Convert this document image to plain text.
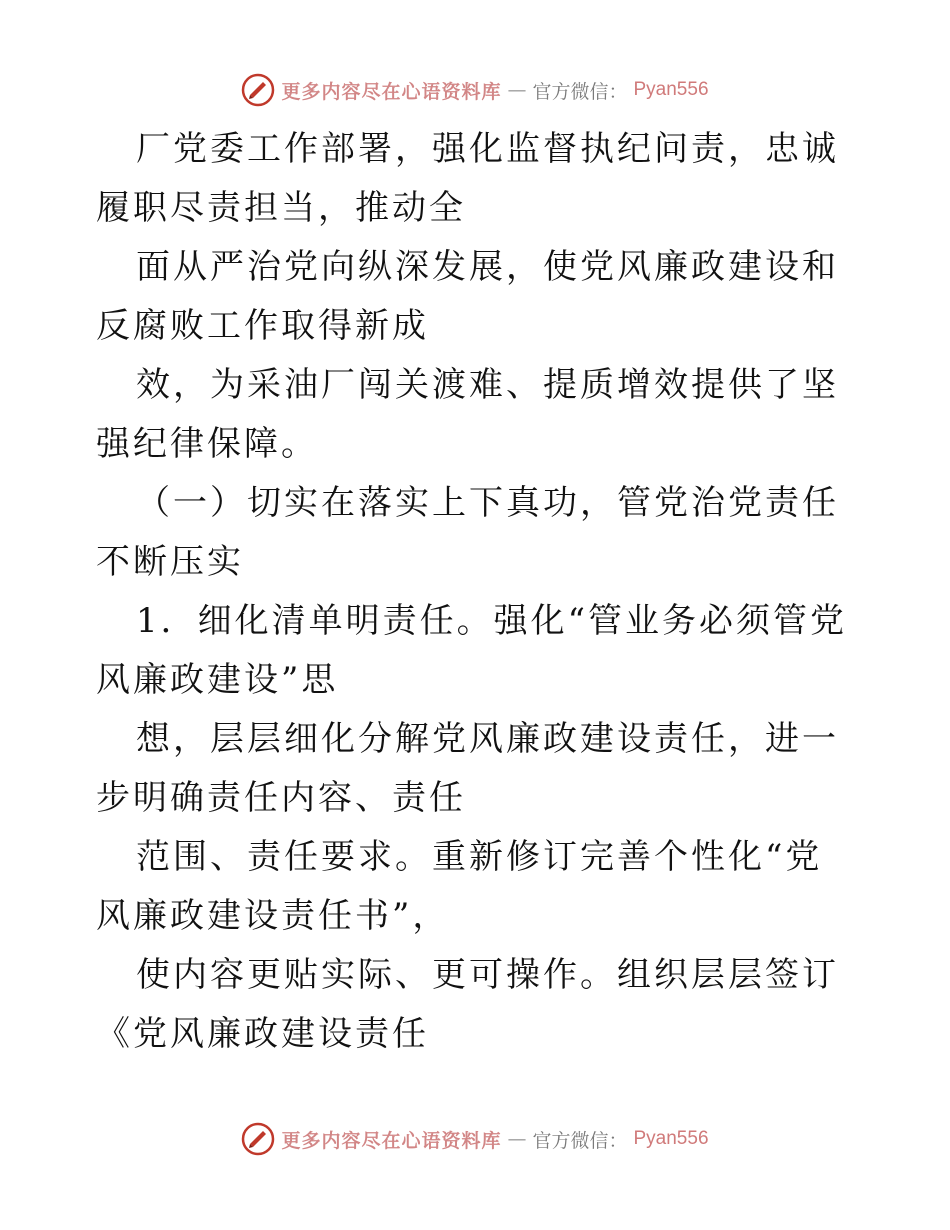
更多内容尽在心语资料库 — 官方微信： Pyan556

厂党委工作部署，强化监督执纪问责，忠诚履职尽责担当，推动全

面从严治党向纵深发展，使党风廉政建设和反腐败工作取得新成

效，为采油厂闯关渡难、提质增效提供了坚强纪律保障。

（一）切实在落实上下真功，管党治党责任不断压实

1．细化清单明责任。强化“管业务必须管党风廉政建设”思

想，层层细化分解党风廉政建设责任，进一步明确责任内容、责任

范围、责任要求。重新修订完善个性化“党风廉政建设责任书”，

使内容更贴实际、更可操作。组织层层签订《党风廉政建设责任

更多内容尽在心语资料库 — 官方微信： Pyan556
